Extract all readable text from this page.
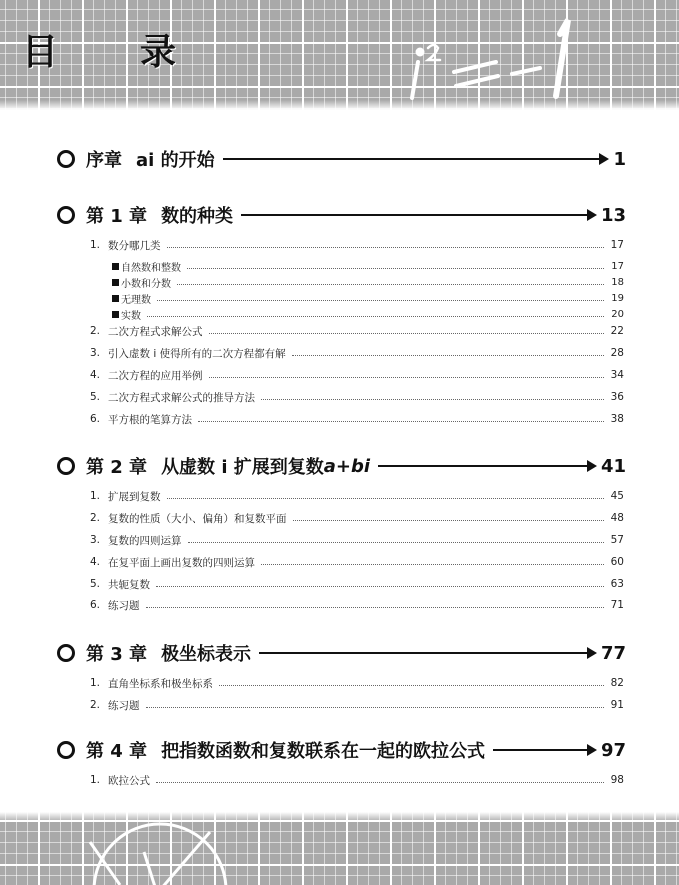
目 录
序章 ai 的开始	1
第 1 章 数的种类	13
1. 数分哪几类	17
自然数和整数	17
小数和分数	18
无理数	19
实数	20
2. 二次方程式求解公式	22
3. 引入虚数 i 使得所有的二次方程都有解	28
4. 二次方程的应用举例	34
5. 二次方程式求解公式的推导方法	36
6. 平方根的笔算方法	38
第 2 章 从虚数 i 扩展到复数 a+bi	41
1. 扩展到复数	45
2. 复数的性质（大小、偏角）和复数平面	48
3. 复数的四则运算	57
4. 在复平面上画出复数的四则运算	60
5. 共轭复数	63
6. 练习题	71
第 3 章 极坐标表示	77
1. 直角坐标系和极坐标系	82
2. 练习题	91
第 4 章 把指数函数和复数联系在一起的欧拉公式	97
1. 欧拉公式	98
